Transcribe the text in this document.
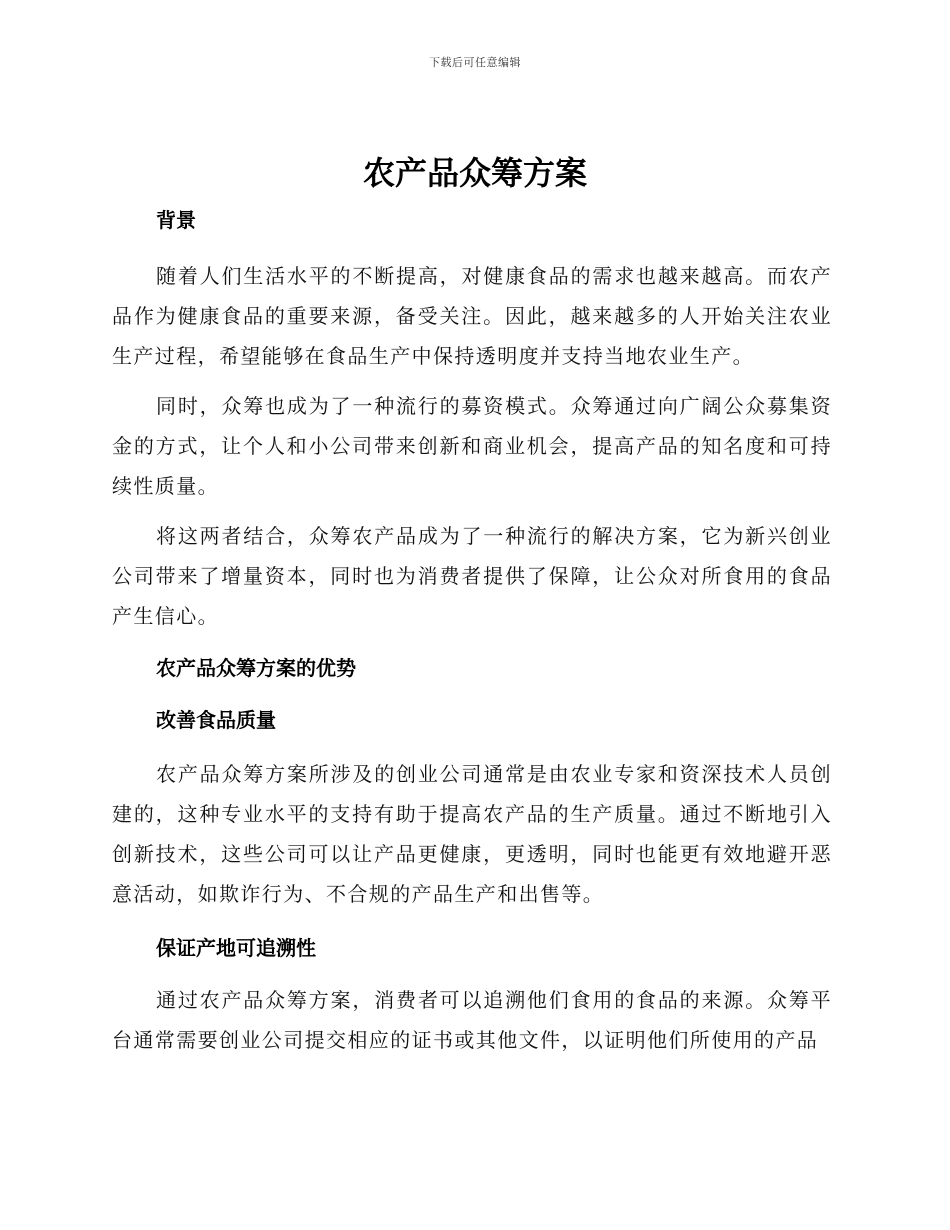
下载后可任意编辑
农产品众筹方案
背景

随着人们生活水平的不断提高，对健康食品的需求也越来越高。而农产品作为健康食品的重要来源，备受关注。因此，越来越多的人开始关注农业生产过程，希望能够在食品生产中保持透明度并支持当地农业生产。

同时，众筹也成为了一种流行的募资模式。众筹通过向广阔公众募集资金的方式，让个人和小公司带来创新和商业机会，提高产品的知名度和可持续性质量。

将这两者结合，众筹农产品成为了一种流行的解决方案，它为新兴创业公司带来了增量资本，同时也为消费者提供了保障，让公众对所食用的食品产生信心。

农产品众筹方案的优势
改善食品质量

农产品众筹方案所涉及的创业公司通常是由农业专家和资深技术人员创建的，这种专业水平的支持有助于提高农产品的生产质量。通过不断地引入创新技术，这些公司可以让产品更健康，更透明，同时也能更有效地避开恶意活动，如欺诈行为、不合规的产品生产和出售等。

保证产地可追溯性

通过农产品众筹方案，消费者可以追溯他们食用的食品的来源。众筹平台通常需要创业公司提交相应的证书或其他文件，以证明他们所使用的产品
